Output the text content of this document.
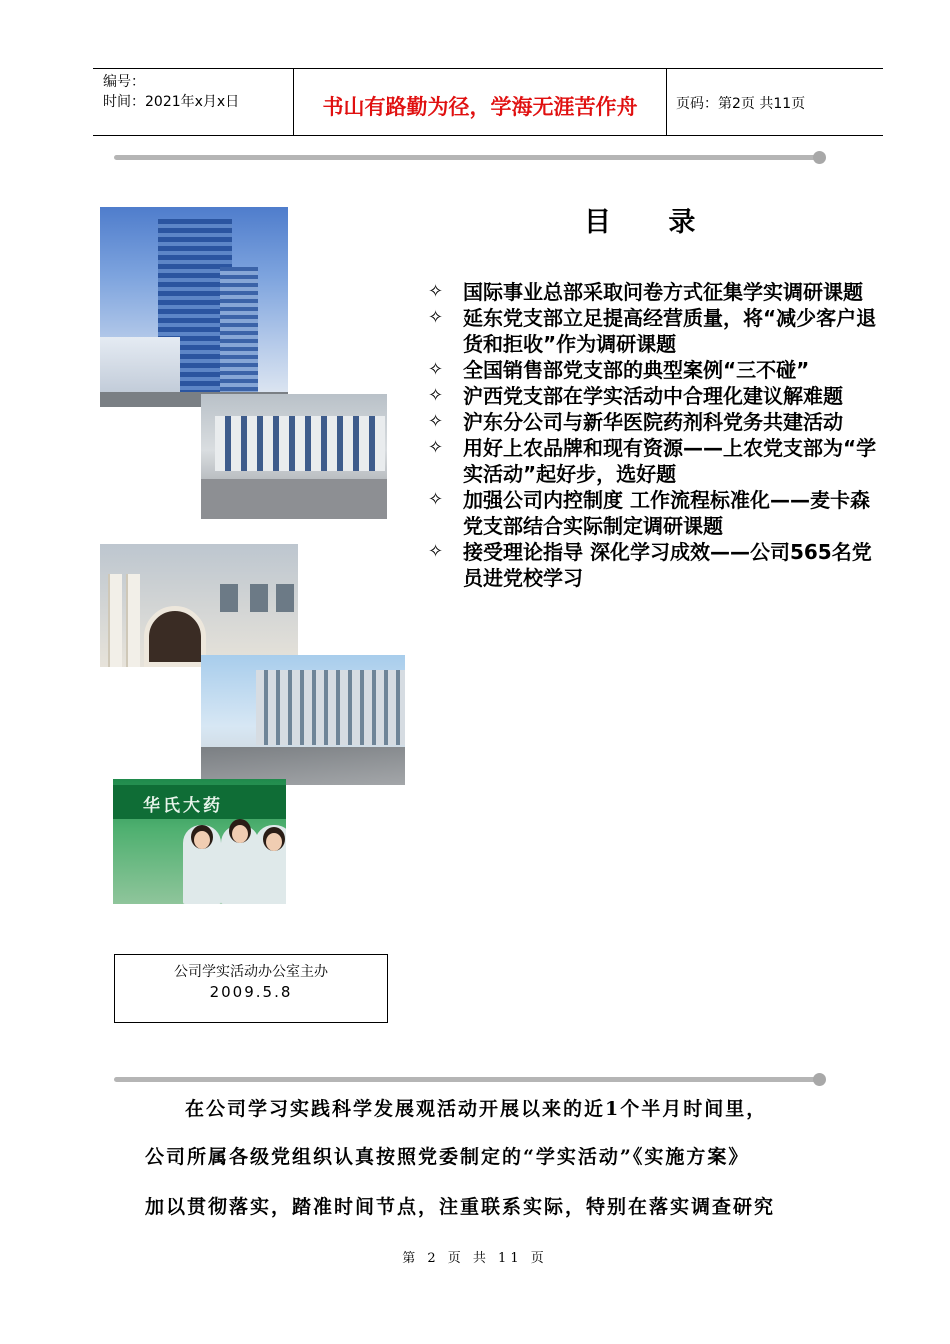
编号：
时间：2021年x月x日	书山有路勤为径，学海无涯苦作舟	页码：第2页 共11页
华氏大药
目 录
✧ 国际事业总部采取问卷方式征集学实调研课题
✧ 延东党支部立足提高经营质量，将“减少客户退货和拒收”作为调研课题
✧ 全国销售部党支部的典型案例“三不碰”
✧ 沪西党支部在学实活动中合理化建议解难题
✧ 沪东分公司与新华医院药剂科党务共建活动
✧ 用好上农品牌和现有资源——上农党支部为“学实活动”起好步，选好题
✧ 加强公司内控制度 工作流程标准化——麦卡森党支部结合实际制定调研课题
✧ 接受理论指导 深化学习成效——公司565名党员进党校学习
公司学实活动办公室主办
2009.5.8
在公司学习实践科学发展观活动开展以来的近1个半月时间里，
公司所属各级党组织认真按照党委制定的“学实活动”《实施方案》
加以贯彻落实，踏准时间节点，注重联系实际，特别在落实调查研究
第 2 页 共 11 页
